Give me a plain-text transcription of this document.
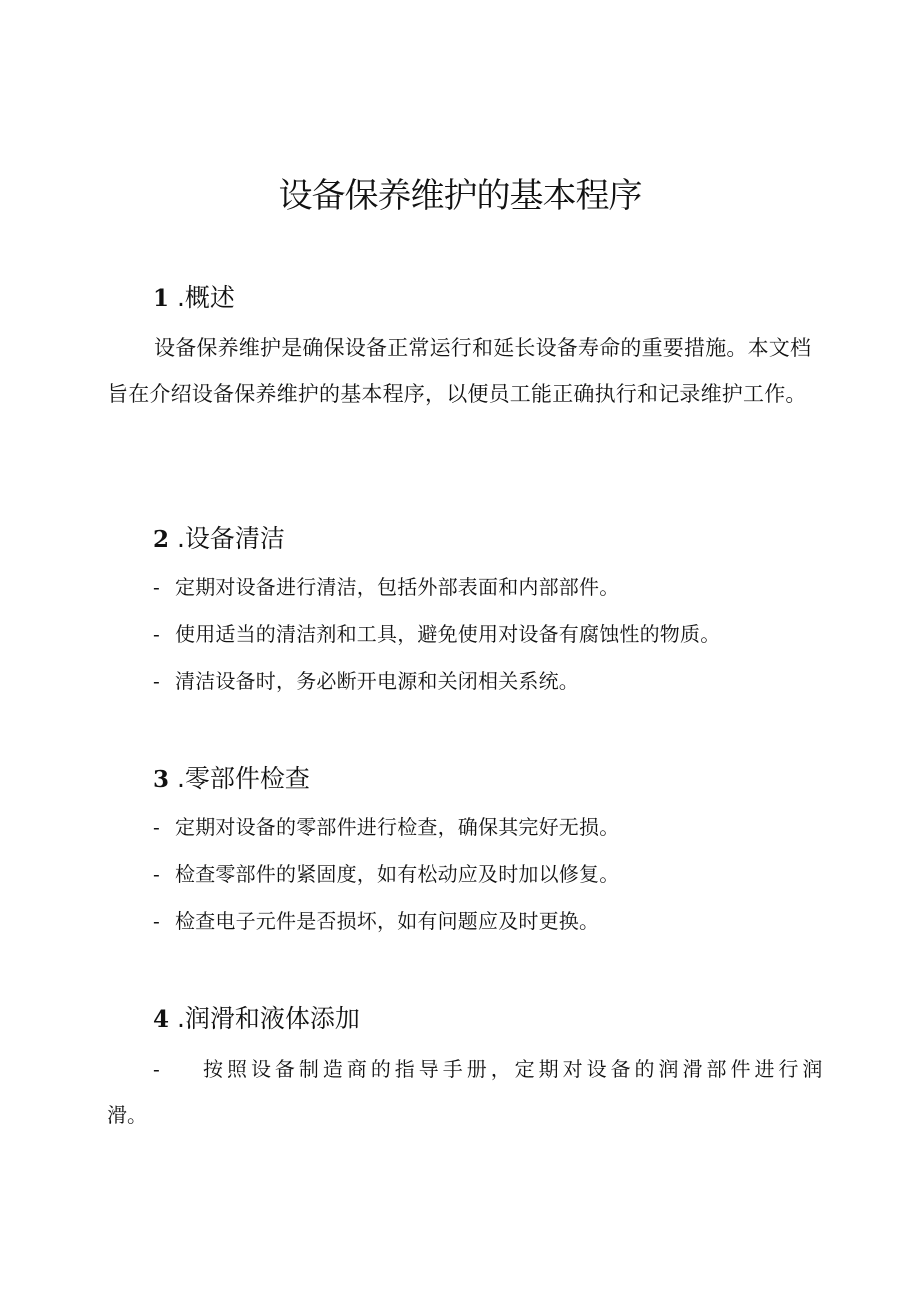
设备保养维护的基本程序
1 .概述

设备保养维护是确保设备正常运行和延长设备寿命的重要措施。本文档旨在介绍设备保养维护的基本程序，以便员工能正确执行和记录维护工作。

2 .设备清洁
- 定期对设备进行清洁，包括外部表面和内部部件。
- 使用适当的清洁剂和工具，避免使用对设备有腐蚀性的物质。
- 清洁设备时，务必断开电源和关闭相关系统。
3 .零部件检查
- 定期对设备的零部件进行检查，确保其完好无损。
- 检查零部件的紧固度，如有松动应及时加以修复。
- 检查电子元件是否损坏，如有问题应及时更换。
4 .润滑和液体添加
-	按照设备制造商的指导手册，定期对设备的润滑部件进行润
滑。
